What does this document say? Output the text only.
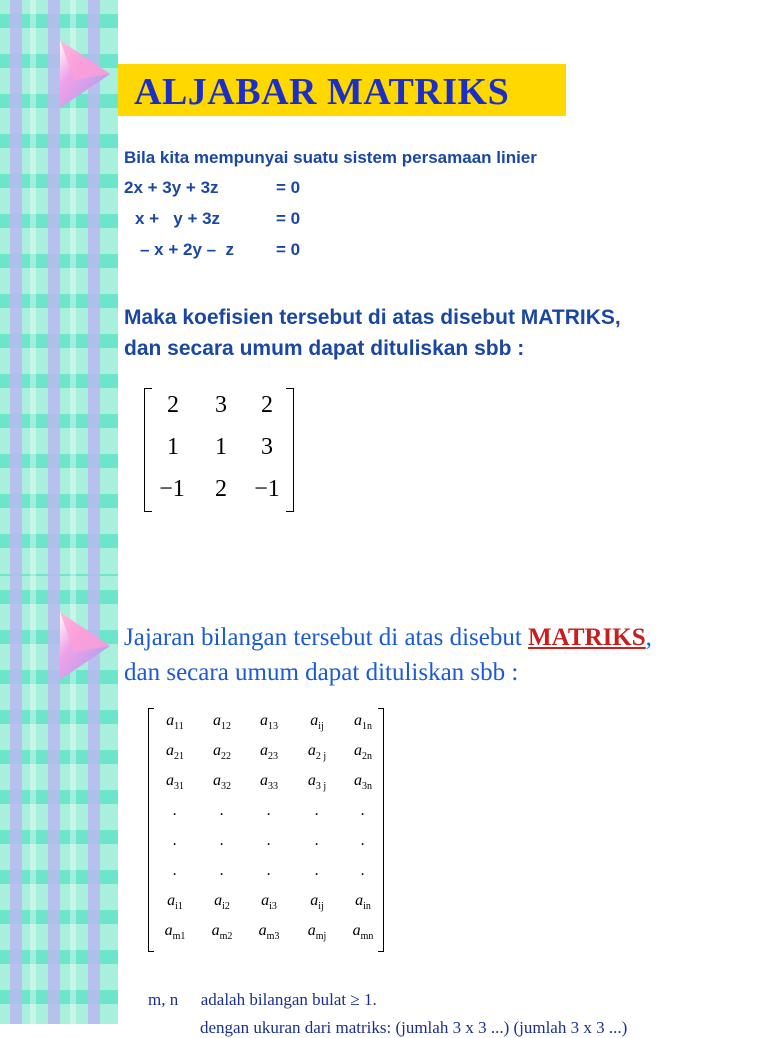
ALJABAR MATRIKS
Bila kita mempunyai suatu sistem persamaan linier
2x + 3y + 3z	= 0
x +   y + 3z	= 0
– x + 2y –  z = 0
Maka koefisien tersebut di atas disebut MATRIKS,
dan secara umum dapat dituliskan sbb :
2	3	2
1	1	3
−1	2	−1
Jajaran bilangan tersebut di atas disebut MATRIKS,
dan secara umum dapat dituliskan sbb :
$a_{11}$	$a_{12}$	$a_{13}$	$a_{ij}$	$a_{1n}$
$a_{21}$	$a_{22}$	$a_{23}$	$a_{2 j}$	$a_{2n}$
$a_{31}$	$a_{32}$	$a_{33}$	$a_{3 j}$	$a_{3n}$
.	.	.	.	.
.	.	.	.	.
.	.	.	.	.
$a_{i1}$	$a_{i2}$	$a_{i3}$	$a_{ij}$	$a_{in}$
$a_{m1}$	$a_{m2}$	$a_{m3}$	$a_{mj}$	$a_{mn}$
m, n adalah bilangan bulat ≥ 1.
dengan ukuran dari matriks: (jumlah 3 x 3 ...) (jumlah 3 x 3 ...)
